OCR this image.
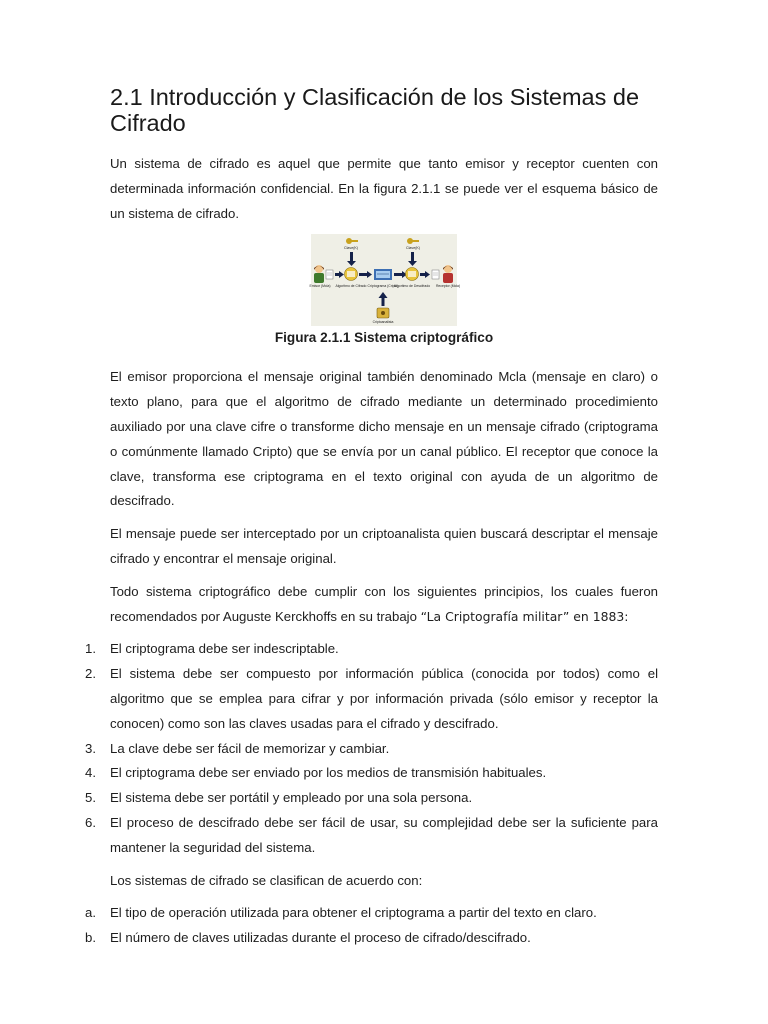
2.1 Introducción y Clasificación de los Sistemas de Cifrado

Un sistema de cifrado es aquel que permite que tanto emisor y receptor cuenten con determinada información confidencial. En la figura 2.1.1 se puede ver el esquema básico de un sistema de cifrado.

Clave(K)	Clave(K)
Emisor (Mcla) Algoritmo de Cifrado Criptograma (Cripto)
Algoritmo de Descifrado Receptor (Mcla)
Criptoanalista
Figura 2.1.1 Sistema criptográfico

El emisor proporciona el mensaje original también denominado Mcla (mensaje en claro) o texto plano, para que el algoritmo de cifrado mediante un determinado procedimiento auxiliado por una clave cifre o transforme dicho mensaje en un mensaje cifrado (criptograma o comúnmente llamado Cripto) que se envía por un canal público. El receptor que conoce la clave, transforma ese criptograma en el texto original con ayuda de un algoritmo de descifrado.

El mensaje puede ser interceptado por un criptoanalista quien buscará descriptar el mensaje cifrado y encontrar el mensaje original.

Todo sistema criptográfico debe cumplir con los siguientes principios, los cuales fueron recomendados por Auguste Kerckhoffs en su trabajo “La Criptografía militar” en 1883:

1. El criptograma debe ser indescriptable.
2. El sistema debe ser compuesto por información pública (conocida por todos) como el algoritmo que se emplea para cifrar y por información privada (sólo emisor y receptor la conocen) como son las claves usadas para el cifrado y descifrado.
3. La clave debe ser fácil de memorizar y cambiar.
4. El criptograma debe ser enviado por los medios de transmisión habituales.
5. El sistema debe ser portátil y empleado por una sola persona.
6. El proceso de descifrado debe ser fácil de usar, su complejidad debe ser la suficiente para mantener la seguridad del sistema.

Los sistemas de cifrado se clasifican de acuerdo con:

a. El tipo de operación utilizada para obtener el criptograma a partir del texto en claro.
b. El número de claves utilizadas durante el proceso de cifrado/descifrado.
